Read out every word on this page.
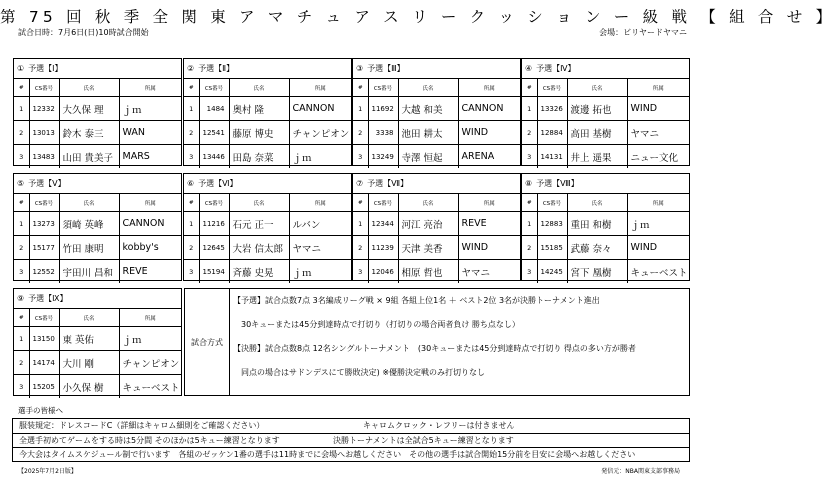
第 75 回 秋 季 全 関 東 ア マ チ ュ ア ス リ ー ク ッ シ ョ ン ー 級 戦 【 組 合 せ 】
試合日時：7月6日(日)10時試合開始	会場：ビリヤードヤマニ
① 予選【Ⅰ】
#	CS番号	氏名	所属
1	12332	大久保 理	ｊｍ
2	13013	鈴木 泰三	WAN
3	13483	山田 貴美子	MARS
② 予選【Ⅱ】
#	CS番号	氏名	所属
1	1484	奥村 隆	CANNON
2	12541	藤原 博史	チャンピオン
3	13446	田島 奈菜	ｊｍ
③ 予選【Ⅲ】
#	CS番号	氏名	所属
1	11692	大越 和美	CANNON
2	3338	池田 耕太	WIND
3	13249	寺澤 恒起	ARENA
④ 予選【Ⅳ】
#	CS番号	氏名	所属
1	13326	渡邊 拓也	WIND
2	12884	高田 基樹	ヤマニ
3	14131	井上 遥果	ニュー文化
⑤ 予選【Ⅴ】
#	CS番号	氏名	所属
1	13273	須崎 英峰	CANNON
2	15177	竹田 康明	kobby's
3	12552	宇田川 昌和	REVE
⑥ 予選【Ⅵ】
#	CS番号	氏名	所属
1	11216	石元 正一	ルバン
2	12645	大岩 信太郎	ヤマニ
3	15194	斉藤 史晃	ｊｍ
⑦ 予選【Ⅶ】
#	CS番号	氏名	所属
1	12344	河江 亮治	REVE
2	11239	天津 美香	WIND
3	12046	相原 哲也	ヤマニ
⑧ 予選【Ⅷ】
#	CS番号	氏名	所属
1	12883	重田 和樹	ｊｍ
2	15185	武藤 奈々	WIND
3	14245	宮下 凰樹	キューベスト
⑨ 予選【Ⅸ】
#	CS番号	氏名	所属
1	13150	東 英佑	ｊｍ
2	14174	大川 剛	チャンピオン
3	15205	小久保 樹	キューベスト
試合方式
【予選】試合点数7点 3名編成リーグ戦 × 9組 各組上位1名 ＋ ベスト2位 3名が決勝トーナメント進出
30キューまたは45分到達時点で打切り（打切りの場合両者負け 勝ち点なし）
【決勝】試合点数8点 12名シングルトーナメント　(30キューまたは45分到達時点で打切り 得点の多い方が勝者
同点の場合はサドンデスにて勝敗決定) ※優勝決定戦のみ打切りなし
選手の皆様へ
服装規定：ドレスコードC（詳細はキャロム細則をご確認ください）	キャロムクロック・レフリーは付きません
全選手初めてゲームをする時は5分間 そのほかは5キュー練習となります	決勝トーナメントは全試合5キュー練習となります
今大会はタイムスケジュール制で行います　各組のゼッケン1番の選手は11時までに会場へお越しください　その他の選手は試合開始15分前を目安に会場へお越しください
【2025年7月2日版】	発信元：NBA関東支部事務局
